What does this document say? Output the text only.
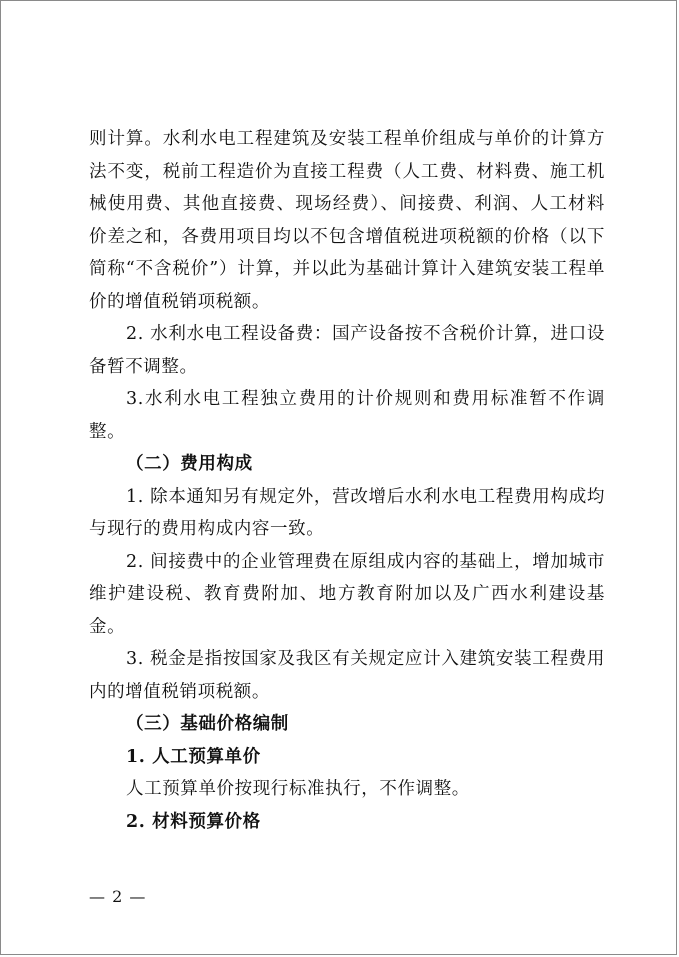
则计算。水利水电工程建筑及安装工程单价组成与单价的计算方法不变，税前工程造价为直接工程费（人工费、材料费、施工机械使用费、其他直接费、现场经费）、间接费、利润、人工材料价差之和，各费用项目均以不包含增值税进项税额的价格（以下简称“不含税价”）计算，并以此为基础计算计入建筑安装工程单价的增值税销项税额。

2. 水利水电工程设备费：国产设备按不含税价计算，进口设备暂不调整。

3.水利水电工程独立费用的计价规则和费用标准暂不作调整。

（二）费用构成

1. 除本通知另有规定外，营改增后水利水电工程费用构成均与现行的费用构成内容一致。

2. 间接费中的企业管理费在原组成内容的基础上，增加城市维护建设税、教育费附加、地方教育附加以及广西水利建设基金。

3. 税金是指按国家及我区有关规定应计入建筑安装工程费用内的增值税销项税额。

（三）基础价格编制

1. 人工预算单价

人工预算单价按现行标准执行，不作调整。

2. 材料预算价格

— 2 —
